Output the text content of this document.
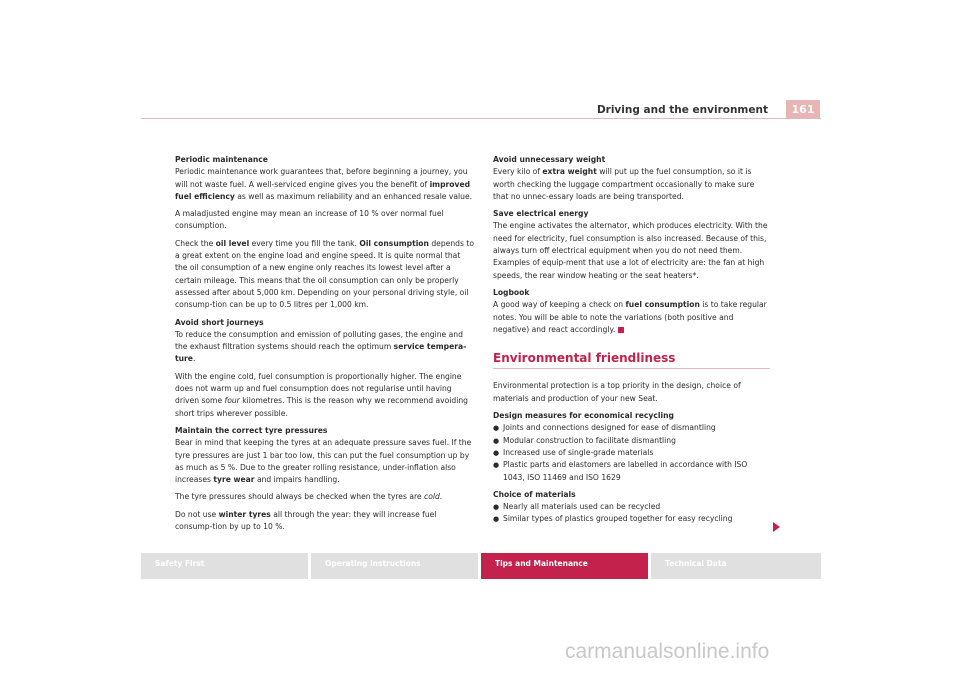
Driving and the environment	161
Periodic maintenance

Periodic maintenance work guarantees that, before beginning a journey, you will not waste fuel. A well-serviced engine gives you the benefit of improved fuel efficiency as well as maximum reliability and an enhanced resale value.

A maladjusted engine may mean an increase of 10 % over normal fuel consumption.

Check the oil level every time you fill the tank. Oil consumption depends to a great extent on the engine load and engine speed. It is quite normal that the oil consumption of a new engine only reaches its lowest level after a certain mileage. This means that the oil consumption can only be properly assessed after about 5,000 km. Depending on your personal driving style, oil consump-tion can be up to 0.5 litres per 1,000 km.

Avoid short journeys

To reduce the consumption and emission of polluting gases, the engine and the exhaust filtration systems should reach the optimum service tempera-ture.

With the engine cold, fuel consumption is proportionally higher. The engine does not warm up and fuel consumption does not regularise until having driven some four kilometres. This is the reason why we recommend avoiding short trips wherever possible.

Maintain the correct tyre pressures

Bear in mind that keeping the tyres at an adequate pressure saves fuel. If the tyre pressures are just 1 bar too low, this can put the fuel consumption up by as much as 5 %. Due to the greater rolling resistance, under-inflation also increases tyre wear and impairs handling.

The tyre pressures should always be checked when the tyres are cold.

Do not use winter tyres all through the year: they will increase fuel consump-tion by up to 10 %.

Avoid unnecessary weight

Every kilo of extra weight will put up the fuel consumption, so it is worth checking the luggage compartment occasionally to make sure that no unnec-essary loads are being transported.

Save electrical energy

The engine activates the alternator, which produces electricity. With the need for electricity, fuel consumption is also increased. Because of this, always turn off electrical equipment when you do not need them. Examples of equip-ment that use a lot of electricity are: the fan at high speeds, the rear window heating or the seat heaters*.

Logbook

A good way of keeping a check on fuel consumption is to take regular notes. You will be able to note the variations (both positive and negative) and react accordingly.

Environmental friendliness

Environmental protection is a top priority in the design, choice of materials and production of your new Seat.

Design measures for economical recycling

● Joints and connections designed for ease of dismantling
● Modular construction to facilitate dismantling
● Increased use of single-grade materials
● Plastic parts and elastomers are labelled in accordance with ISO 1043, ISO 11469 and ISO 1629

Choice of materials

● Nearly all materials used can be recycled
● Similar types of plastics grouped together for easy recycling

Safety First	Operating instructions	Tips and Maintenance	Technical Data
carmanualsonline.info
